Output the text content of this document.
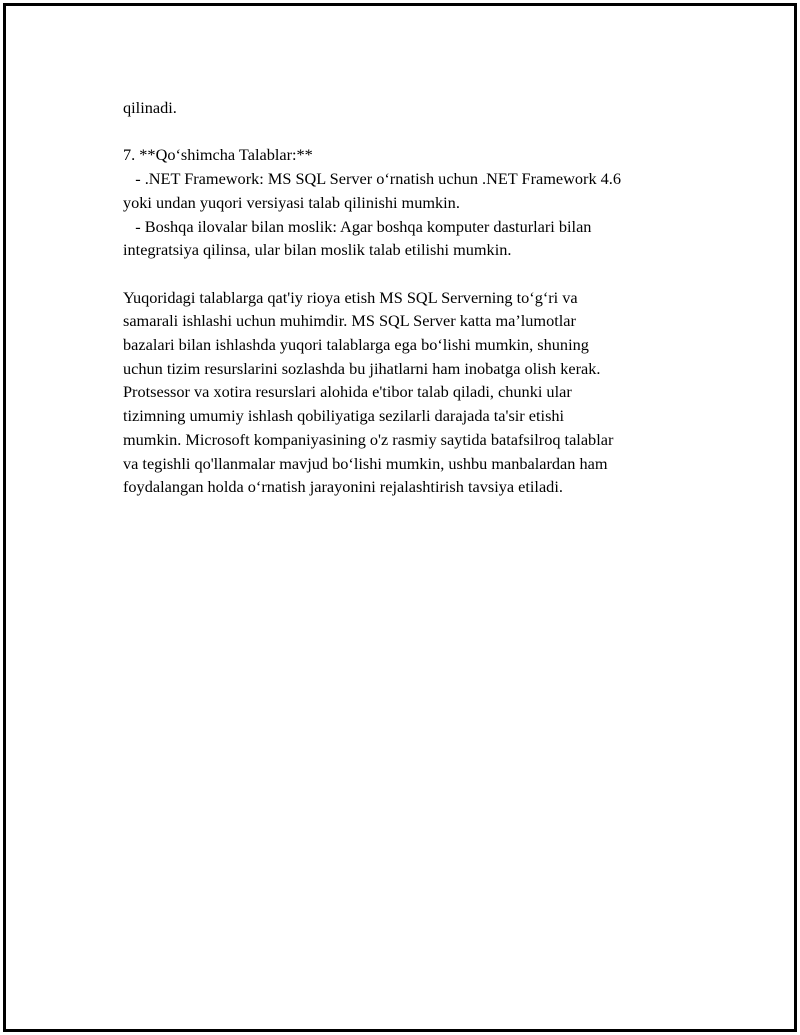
qilinadi.
7. **Qo‘shimcha Talablar:**
- .NET Framework: MS SQL Server o‘rnatish uchun .NET Framework 4.6
yoki undan yuqori versiyasi talab qilinishi mumkin.
- Boshqa ilovalar bilan moslik: Agar boshqa komputer dasturlari bilan
integratsiya qilinsa, ular bilan moslik talab etilishi mumkin.
Yuqoridagi talablarga qat'iy rioya etish MS SQL Serverning to‘g‘ri va
samarali ishlashi uchun muhimdir. MS SQL Server katta ma’lumotlar
bazalari bilan ishlashda yuqori talablarga ega bo‘lishi mumkin, shuning
uchun tizim resurslarini sozlashda bu jihatlarni ham inobatga olish kerak.
Protsessor va xotira resurslari alohida e'tibor talab qiladi, chunki ular
tizimning umumiy ishlash qobiliyatiga sezilarli darajada ta'sir etishi
mumkin. Microsoft kompaniyasining o'z rasmiy saytida batafsilroq talablar
va tegishli qo'llanmalar mavjud bo‘lishi mumkin, ushbu manbalardan ham
foydalangan holda o‘rnatish jarayonini rejalashtirish tavsiya etiladi.
